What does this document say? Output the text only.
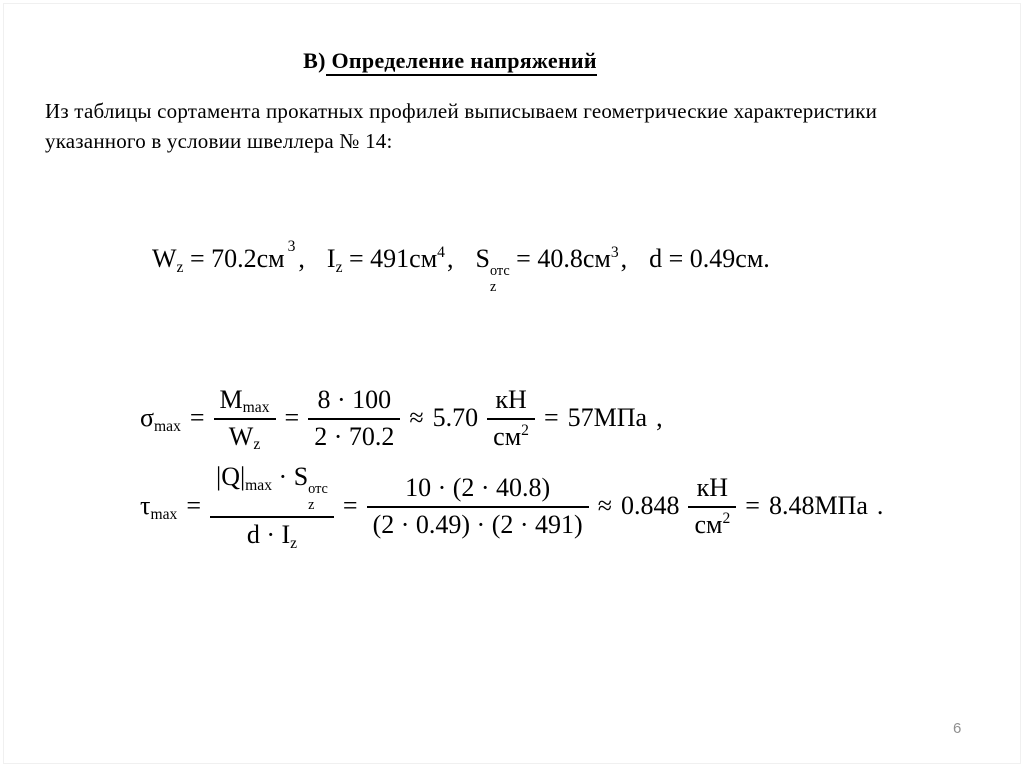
В) Определение напряжений

Из таблицы сортамента прокатных профилей выписываем геометрические характеристики указанного в условии швеллера № 14:

$W_z = 70.2см$ $^3$ , $I_z = 491см^4$, S отс
z
= $40.8см^3$, d = 0.49см.
$\sigma_{max} = \frac{M_{max}}{W_z} = \frac{8 \cdot 100}{2 \cdot 70.2} \approx 5.70 \frac{кН}{см^2} = 57МПа$ ,
$\tau_{max} = |Q|_{max} \cdot S$ отс
z
$d \cdot I_z = \frac{10 \cdot (2 \cdot 40.8)}{(2 \cdot 0.49) \cdot (2 \cdot 491)} \approx 0.848 \frac{кН}{см^2} = 8.48МПа$ .
6
